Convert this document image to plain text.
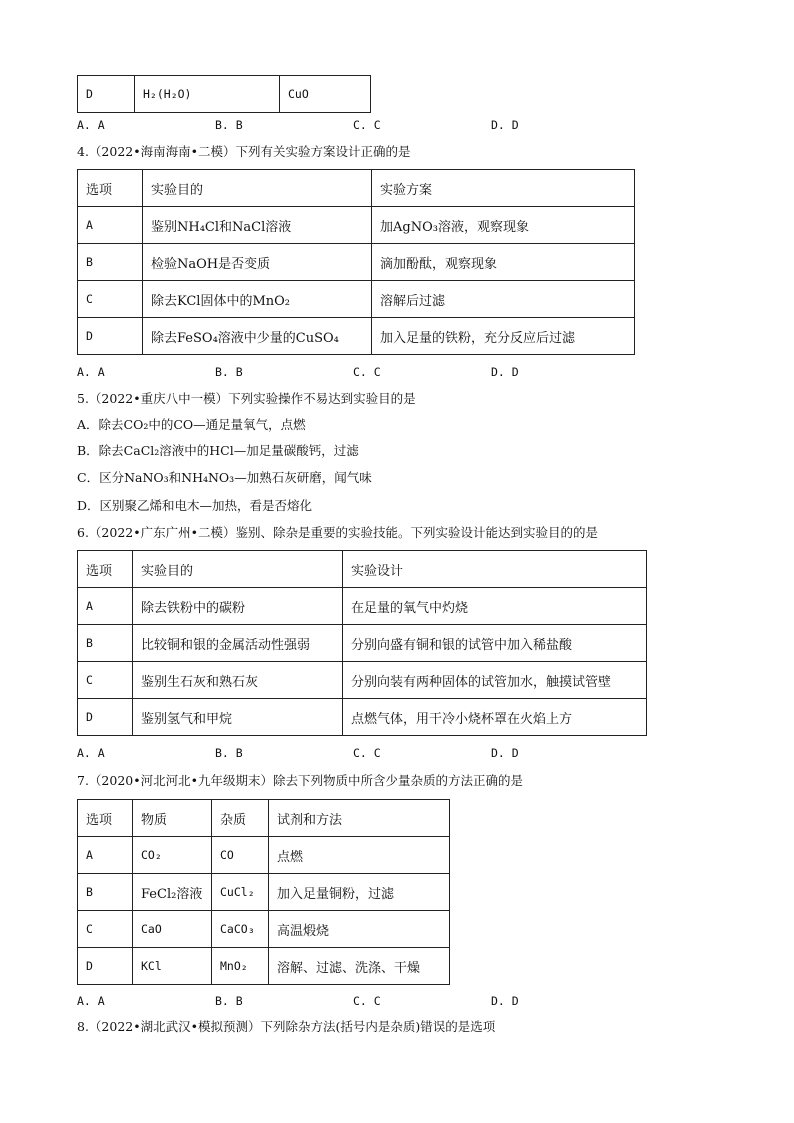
D	H₂(H₂O)	CuO
A. A	B. B	C. C	D. D
4.（2022•海南海南•二模）下列有关实验方案设计正确的是
选项	实验目的	实验方案
A	鉴别NH₄Cl和NaCl溶液	加AgNO₃溶液，观察现象
B	检验NaOH是否变质	滴加酚酞，观察现象
C	除去KCl固体中的MnO₂	溶解后过滤
D	除去FeSO₄溶液中少量的CuSO₄	加入足量的铁粉，充分反应后过滤
A. A	B. B	C. C	D. D
5.（2022•重庆八中一模）下列实验操作不易达到实验目的是
A．除去CO₂中的CO—通足量氧气，点燃
B．除去CaCl₂溶液中的HCl—加足量碳酸钙，过滤
C．区分NaNO₃和NH₄NO₃—加熟石灰研磨，闻气味
D．区别聚乙烯和电木—加热，看是否熔化
6.（2022•广东广州•二模）鉴别、除杂是重要的实验技能。下列实验设计能达到实验目的的是
选项	实验目的	实验设计
A	除去铁粉中的碳粉	在足量的氧气中灼烧
B	比较铜和银的金属活动性强弱	分别向盛有铜和银的试管中加入稀盐酸
C	鉴别生石灰和熟石灰	分别向装有两种固体的试管加水，触摸试管壁
D	鉴别氢气和甲烷	点燃气体，用干冷小烧杯罩在火焰上方
A. A	B. B	C. C	D. D
7.（2020•河北河北•九年级期末）除去下列物质中所含少量杂质的方法正确的是
选项	物质	杂质	试剂和方法
A	CO₂	CO	点燃
B	FeCl₂溶液	CuCl₂	加入足量铜粉，过滤
C	CaO	CaCO₃	高温煅烧
D	KCl	MnO₂	溶解、过滤、洗涤、干燥
A. A	B. B	C. C	D. D
8.（2022•湖北武汉•模拟预测）下列除杂方法(括号内是杂质)错误的是选项
